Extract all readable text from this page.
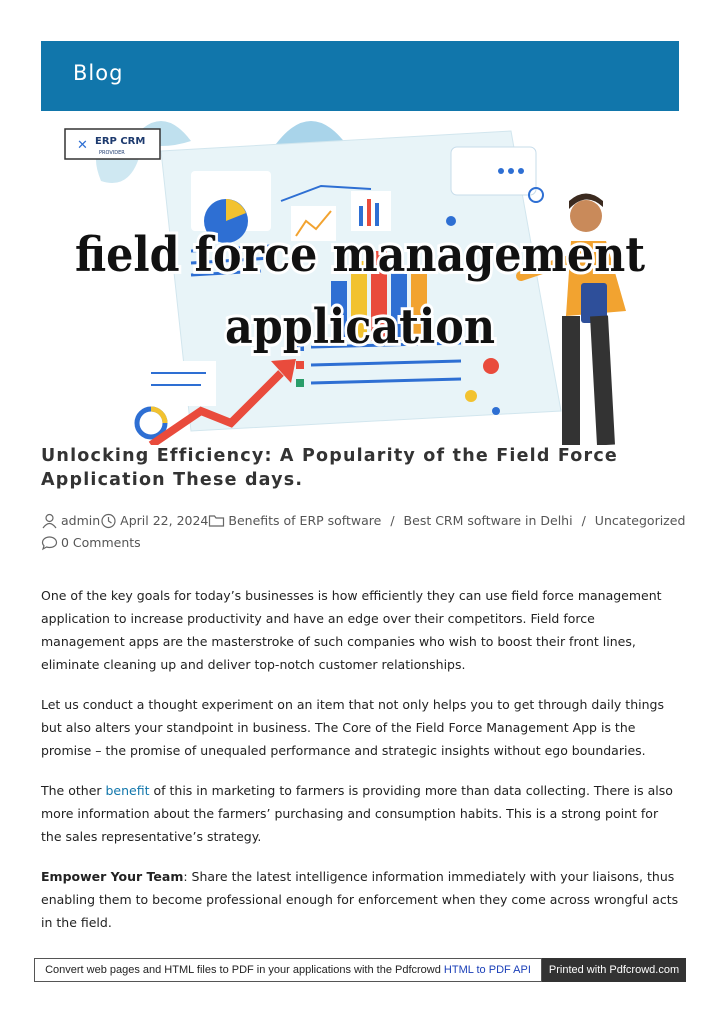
Blog
✕ ERP CRM
PROVIDER
field force management
application
Unlocking Efficiency: A Popularity of the Field Force Application These days.
admin April 22, 2024 Benefits of ERP software / Best CRM software in Delhi / Uncategorized
0 Comments

One of the key goals for today’s businesses is how efficiently they can use field force management application to increase productivity and have an edge over their competitors. Field force management apps are the masterstroke of such companies who wish to boost their front lines, eliminate cleaning up and deliver top-notch customer relationships.

Let us conduct a thought experiment on an item that not only helps you to get through daily things but also alters your standpoint in business. The Core of the Field Force Management App is the promise – the promise of unequaled performance and strategic insights without ego boundaries.

The other benefit of this in marketing to farmers is providing more than data collecting. There is also more information about the farmers’ purchasing and consumption habits. This is a strong point for the sales representative’s strategy.

Empower Your Team: Share the latest intelligence information immediately with your liaisons, thus enabling them to become professional enough for enforcement when they come across wrongful acts in the field.

Convert web pages and HTML files to PDF in your applications with the Pdfcrowd HTML to PDF API	Printed with Pdfcrowd.com
